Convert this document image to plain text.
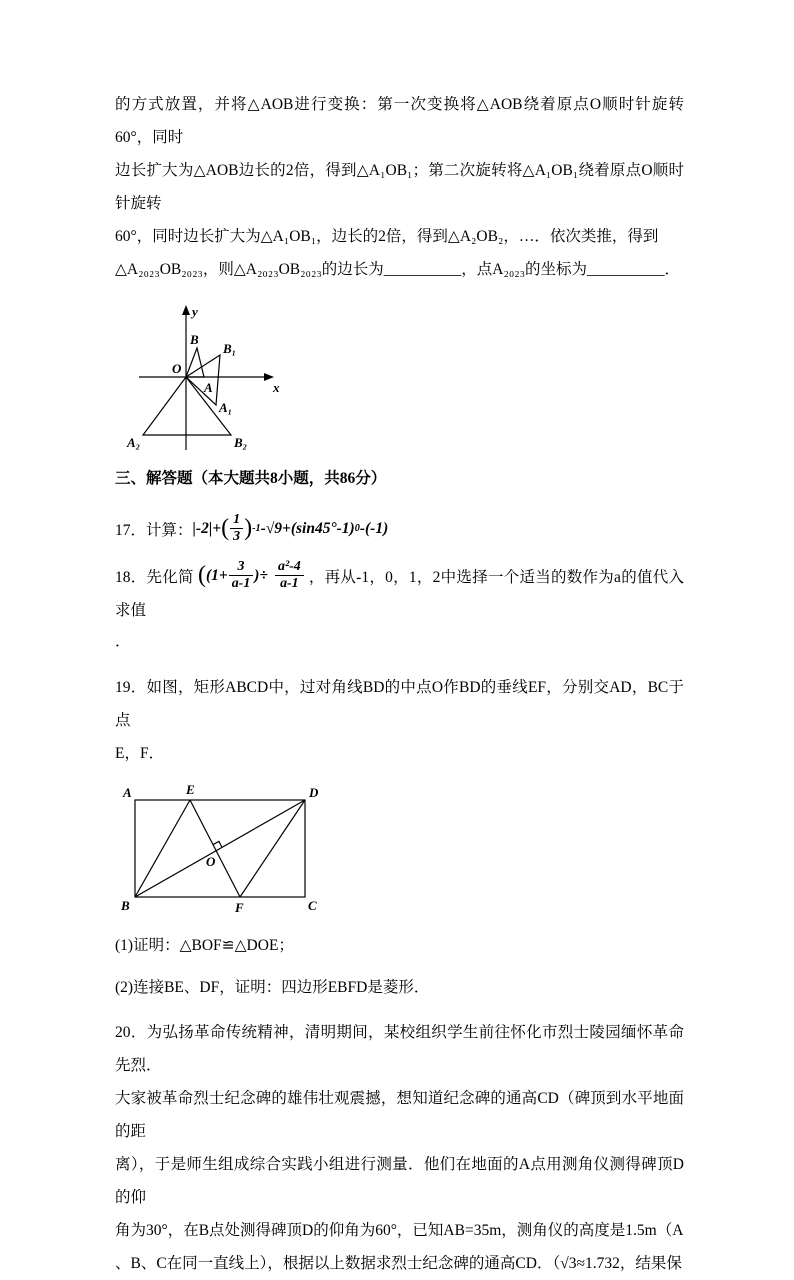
的方式放置，并将△AOB进行变换：第一次变换将△AOB绕着原点O顺时针旋转60°，同时
边长扩大为△AOB边长的2倍，得到△A₁OB₁；第二次旋转将△A₁OB₁绕着原点O顺时针旋转
60°，同时边长扩大为△A₁OB₁，边长的2倍，得到△A₂OB₂，…．依次类推，得到
△A₂₀₂₃OB₂₀₂₃，则△A₂₀₂₃OB₂₀₂₃的边长为__________，点A₂₀₂₃的坐标为__________．
y
x
O
B
B₁
A
A₁
A₂	B₂
三、解答题（本大题共8小题，共86分）
17．计算： |-2|+ ( $\frac{1}{3}$ ) -1 -√9+(sin45°-1) 0 -(-1)
18．先化简 ( ($1+ \frac{3}{a-1}$ )÷
$\frac{\text{a²-4}}{a-1}$ ，再从-1，0，1，2中选择一个适当的数作为a的值代入求值
．
19．如图，矩形ABCD中，过对角线BD的中点O作BD的垂线EF，分别交AD，BC于点
E，F．
A	E	D
B	F	C
O
(1)证明：△BOF≌△DOE；
(2)连接BE、DF，证明：四边形EBFD是菱形．
20．为弘扬革命传统精神，清明期间，某校组织学生前往怀化市烈士陵园缅怀革命先烈．
大家被革命烈士纪念碑的雄伟壮观震撼，想知道纪念碑的通高CD（碑顶到水平地面的距
离），于是师生组成综合实践小组进行测量．他们在地面的A点用测角仪测得碑顶D的仰
角为30°，在B点处测得碑顶D的仰角为60°，已知AB=35m，测角仪的高度是1.5m（A
、B、C在同一直线上），根据以上数据求烈士纪念碑的通高CD．（√3≈1.732，结果保
